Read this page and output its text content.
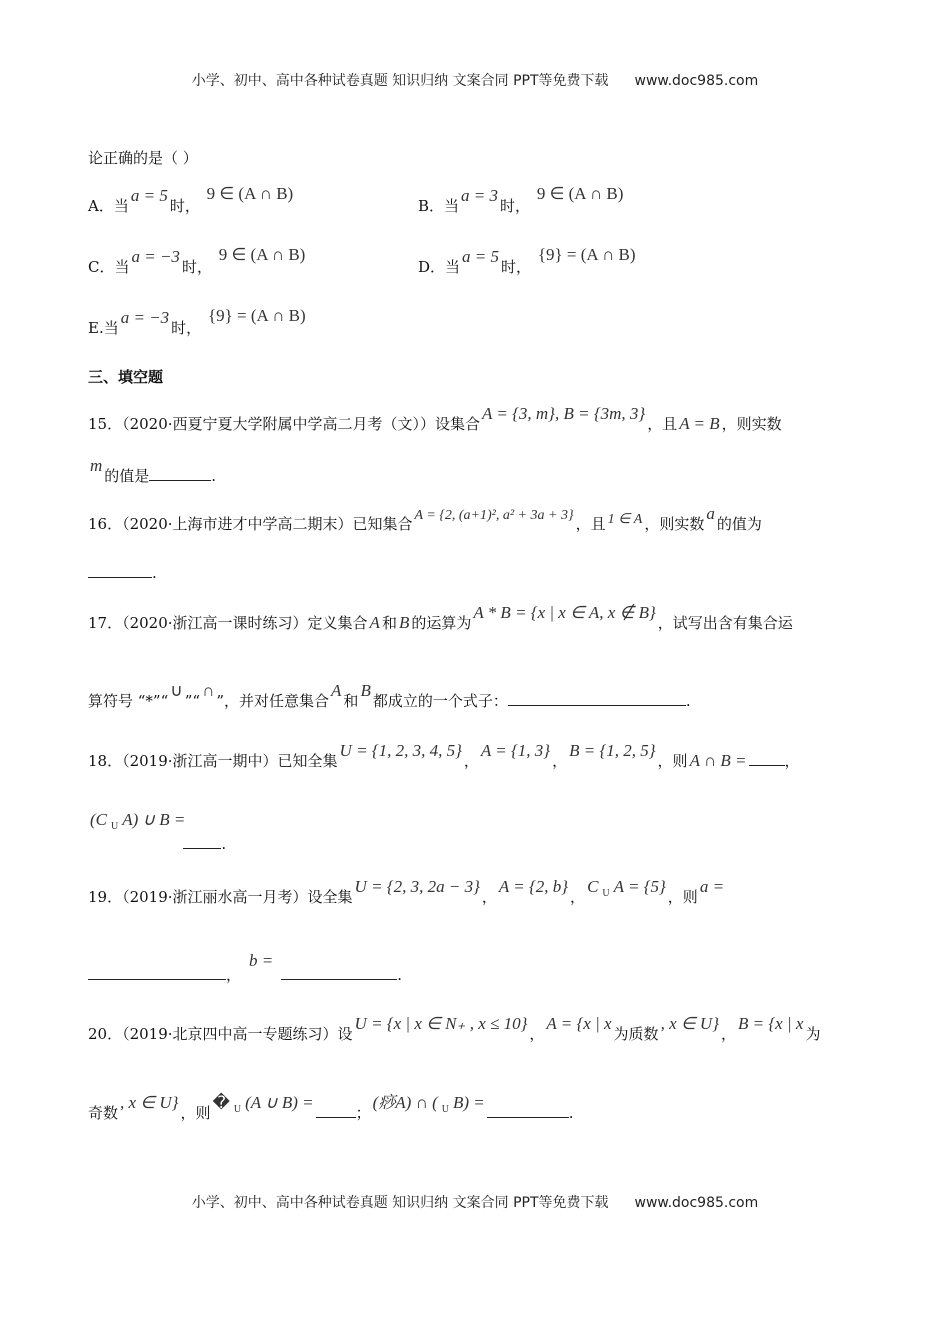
小学、初中、高中各种试卷真题 知识归纳 文案合同 PPT等免费下载 www.doc985.com
论正确的是（ ）
A．当a = 5时， 9 ∈ (A ∩ B)
B．当a = 3时， 9 ∈ (A ∩ B)
C．当a = −3时， 9 ∈ (A ∩ B)
D．当a = 5时， {9} = (A ∩ B)
E.当a = −3时， {9} = (A ∩ B)
三、填空题
15．（2020·西夏宁夏大学附属中学高二月考（文））设集合A = {3, m}, B = {3m, 3}，且 A = B ，则实数
m的值是	.
16．（2020·上海市进才中学高二期末）已知集合 A = {2, (a+1)², a² + 3a + 3} ，且 1 ∈ A ，则实数a的值为
.
17．（2020·浙江高一课时练习）定义集合 A 和 B 的运算为A * B = {x | x ∈ A, x ∉ B}，试写出含有集合运
算符号 “*”“∪”“∩”，并对任意集合A和B都成立的一个式子：	.
18．（2019·浙江高一期中）已知全集U = {1, 2, 3, 4, 5}，A = {1, 3}，B = {1, 2, 5}，则 A ∩ B =	，
(C $_U$ A) ∪ B =.
19．（2019·浙江丽水高一月考）设全集U = {2, 3, 2a − 3}，A = {2, b}，C $_U$ A = {5}，则a =
，b =.
20．（2019·北京四中高一专题练习）设U = {x | x ∈ N₊ , x ≤ 10}，A = {x | x为质数, x ∈ U}，B = {x | x为
奇数, x ∈ U}，则� $_U$ (A ∪ B) =；(痧A) ∩ ( $_U$ B) =.
小学、初中、高中各种试卷真题 知识归纳 文案合同 PPT等免费下载 www.doc985.com
